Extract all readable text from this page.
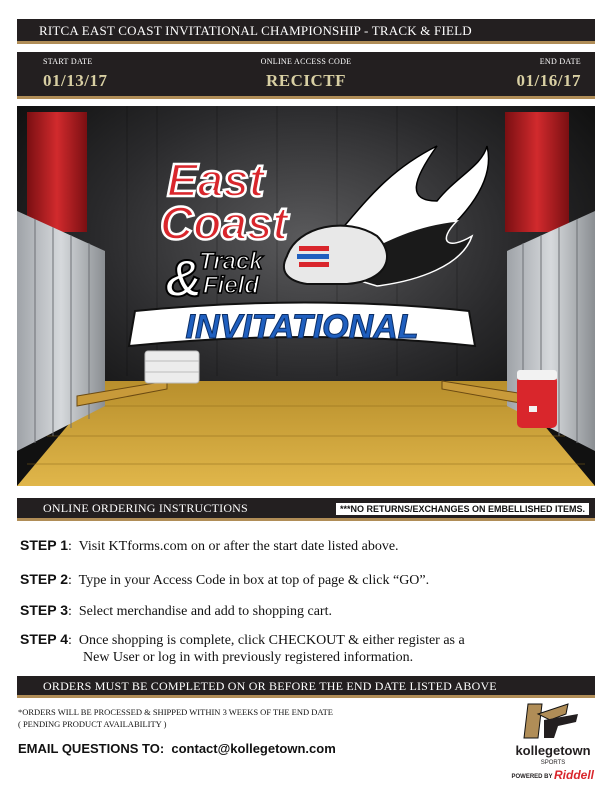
RITCA EAST COAST INVITATIONAL CHAMPIONSHIP - TRACK & FIELD
START DATE
01/13/17
ONLINE ACCESS CODE
RECICTF
END DATE
01/16/17
East
Coast
&
Track
Field
INVITATIONAL
ONLINE ORDERING INSTRUCTIONS	***NO RETURNS/EXCHANGES ON EMBELLISHED ITEMS.
STEP 1:  Visit KTforms.com on or after the start date listed above.
STEP 2:  Type in your Access Code in box at top of page & click “GO”.
STEP 3:  Select merchandise and add to shopping cart.
STEP 4:  Once shopping is complete, click CHECKOUT & either register as a
New User or log in with previously registered information.
ORDERS MUST BE COMPLETED ON OR BEFORE THE END DATE LISTED ABOVE
*ORDERS WILL BE PROCESSED & SHIPPED WITHIN 3 WEEKS OF THE END DATE
( PENDING PRODUCT AVAILABILITY )
EMAIL QUESTIONS TO: contact@kollegetown.com	kollegetown
SPORTS
POWERED BY Riddell
